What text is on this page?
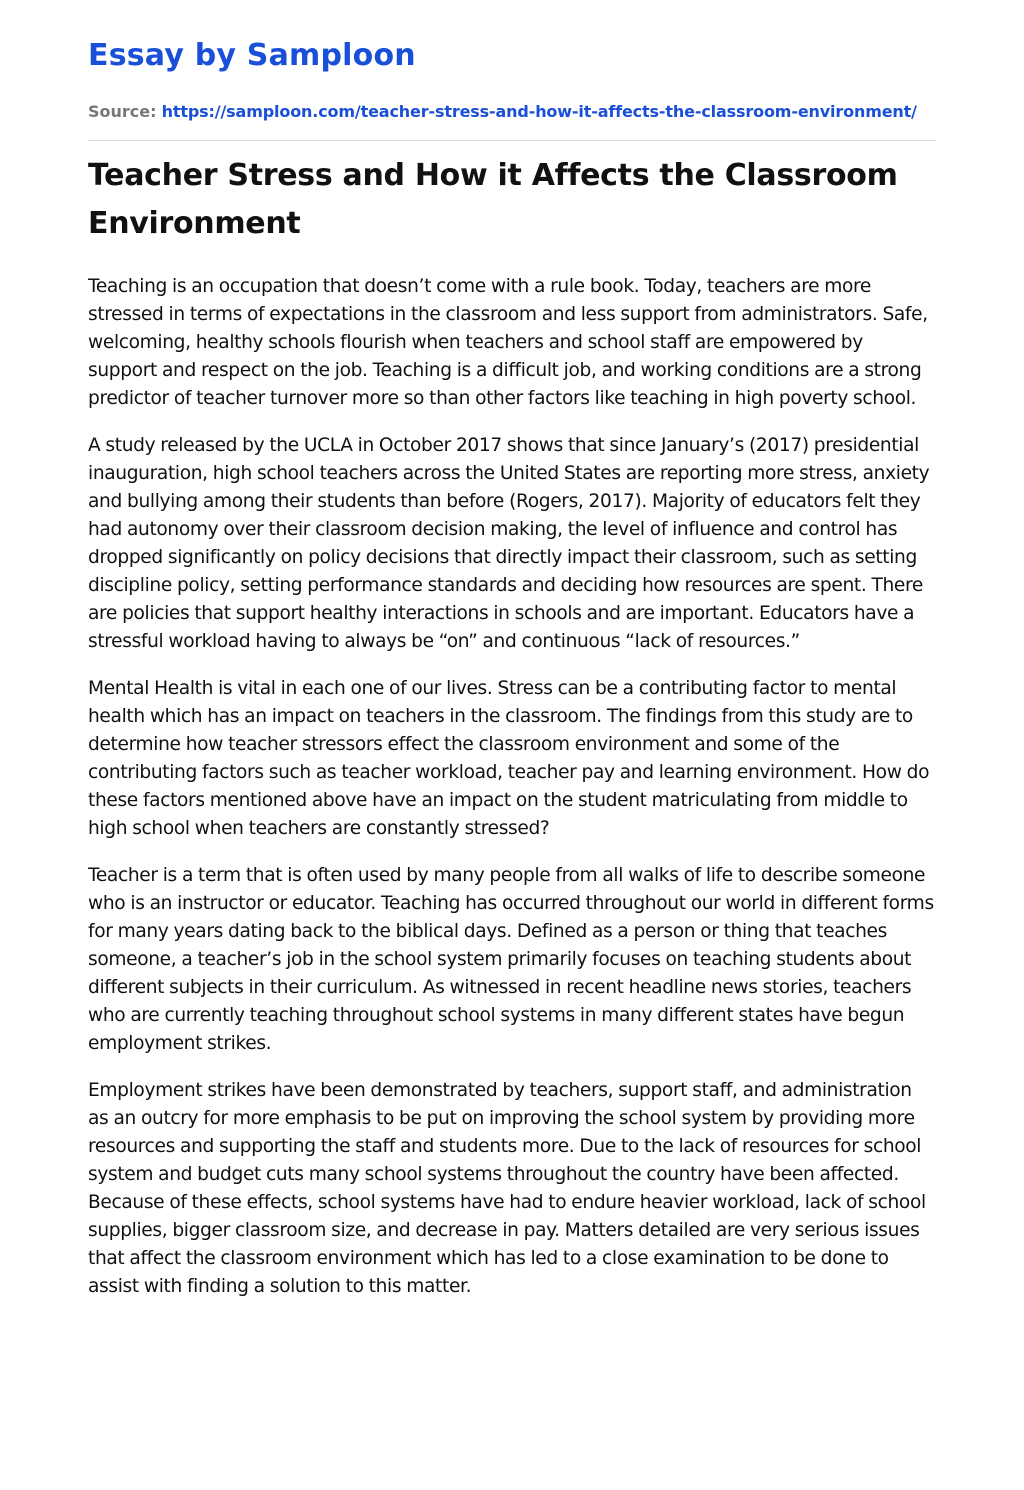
Essay by Samploon
Source: https://samploon.com/teacher-stress-and-how-it-affects-the-classroom-environment/
Teacher Stress and How it Affects the Classroom Environment

Teaching is an occupation that doesn’t come with a rule book. Today, teachers are more stressed in terms of expectations in the classroom and less support from administrators. Safe, welcoming, healthy schools flourish when teachers and school staff are empowered by support and respect on the job. Teaching is a difficult job, and working conditions are a strong predictor of teacher turnover more so than other factors like teaching in high poverty school.

A study released by the UCLA in October 2017 shows that since January’s (2017) presidential inauguration, high school teachers across the United States are reporting more stress, anxiety and bullying among their students than before (Rogers, 2017). Majority of educators felt they had autonomy over their classroom decision making, the level of influence and control has dropped significantly on policy decisions that directly impact their classroom, such as setting discipline policy, setting performance standards and deciding how resources are spent. There are policies that support healthy interactions in schools and are important. Educators have a stressful workload having to always be “on” and continuous “lack of resources.”

Mental Health is vital in each one of our lives. Stress can be a contributing factor to mental health which has an impact on teachers in the classroom. The findings from this study are to determine how teacher stressors effect the classroom environment and some of the contributing factors such as teacher workload, teacher pay and learning environment. How do these factors mentioned above have an impact on the student matriculating from middle to high school when teachers are constantly stressed?

Teacher is a term that is often used by many people from all walks of life to describe someone who is an instructor or educator. Teaching has occurred throughout our world in different forms for many years dating back to the biblical days. Defined as a person or thing that teaches someone, a teacher’s job in the school system primarily focuses on teaching students about different subjects in their curriculum. As witnessed in recent headline news stories, teachers who are currently teaching throughout school systems in many different states have begun employment strikes.

Employment strikes have been demonstrated by teachers, support staff, and administration as an outcry for more emphasis to be put on improving the school system by providing more resources and supporting the staff and students more. Due to the lack of resources for school system and budget cuts many school systems throughout the country have been affected. Because of these effects, school systems have had to endure heavier workload, lack of school supplies, bigger classroom size, and decrease in pay. Matters detailed are very serious issues that affect the classroom environment which has led to a close examination to be done to assist with finding a solution to this matter.
